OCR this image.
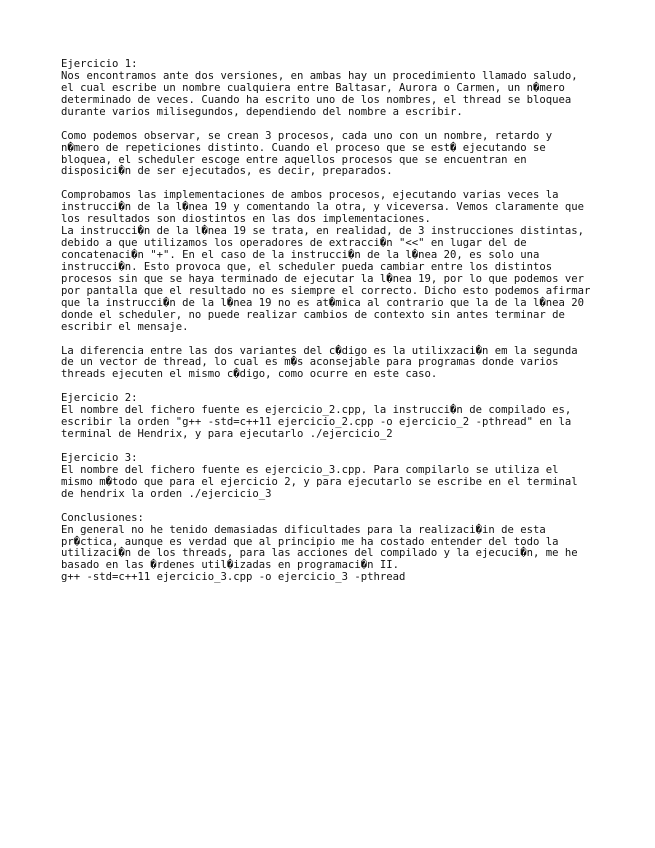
Ejercicio 1:
Nos encontramos ante dos versiones, en ambas hay un procedimiento llamado saludo,
el cual escribe un nombre cualquiera entre Baltasar, Aurora o Carmen, un n�mero
determinado de veces. Cuando ha escrito uno de los nombres, el thread se bloquea
durante varios milisegundos, dependiendo del nombre a escribir.
Como podemos observar, se crean 3 procesos, cada uno con un nombre, retardo y
n�mero de repeticiones distinto. Cuando el proceso que se est� ejecutando se
bloquea, el scheduler escoge entre aquellos procesos que se encuentran en
disposici�n de ser ejecutados, es decir, preparados.
Comprobamos las implementaciones de ambos procesos, ejecutando varias veces la
instrucci�n de la l�nea 19 y comentando la otra, y viceversa. Vemos claramente que
los resultados son diostintos en las dos implementaciones.
La instrucci�n de la l�nea 19 se trata, en realidad, de 3 instrucciones distintas,
debido a que utilizamos los operadores de extracci�n "<<" en lugar del de
concatenaci�n "+". En el caso de la instrucci�n de la l�nea 20, es solo una
instrucci�n. Esto provoca que, el scheduler pueda cambiar entre los distintos
procesos sin que se haya terminado de ejecutar la l�nea 19, por lo que podemos ver
por pantalla que el resultado no es siempre el correcto. Dicho esto podemos afirmar
que la instrucci�n de la l�nea 19 no es at�mica al contrario que la de la l�nea 20
donde el scheduler, no puede realizar cambios de contexto sin antes terminar de
escribir el mensaje.
La diferencia entre las dos variantes del c�digo es la utilixzaci�n em la segunda
de un vector de thread, lo cual es m�s aconsejable para programas donde varios
threads ejecuten el mismo c�digo, como ocurre en este caso.
Ejercicio 2:
El nombre del fichero fuente es ejercicio_2.cpp, la instrucci�n de compilado es,
escribir la orden "g++ -std=c++11 ejercicio_2.cpp -o ejercicio_2 -pthread" en la
terminal de Hendrix, y para ejecutarlo ./ejercicio_2
Ejercicio 3:
El nombre del fichero fuente es ejercicio_3.cpp. Para compilarlo se utiliza el
mismo m�todo que para el ejercicio 2, y para ejecutarlo se escribe en el terminal
de hendrix la orden ./ejercicio_3
Conclusiones:
En general no he tenido demasiadas dificultades para la realizaci�in de esta
pr�ctica, aunque es verdad que al principio me ha costado entender del todo la
utilizaci�n de los threads, para las acciones del compilado y la ejecuci�n, me he
basado en las �rdenes util�izadas en programaci�n II.
g++ -std=c++11 ejercicio_3.cpp -o ejercicio_3 -pthread
